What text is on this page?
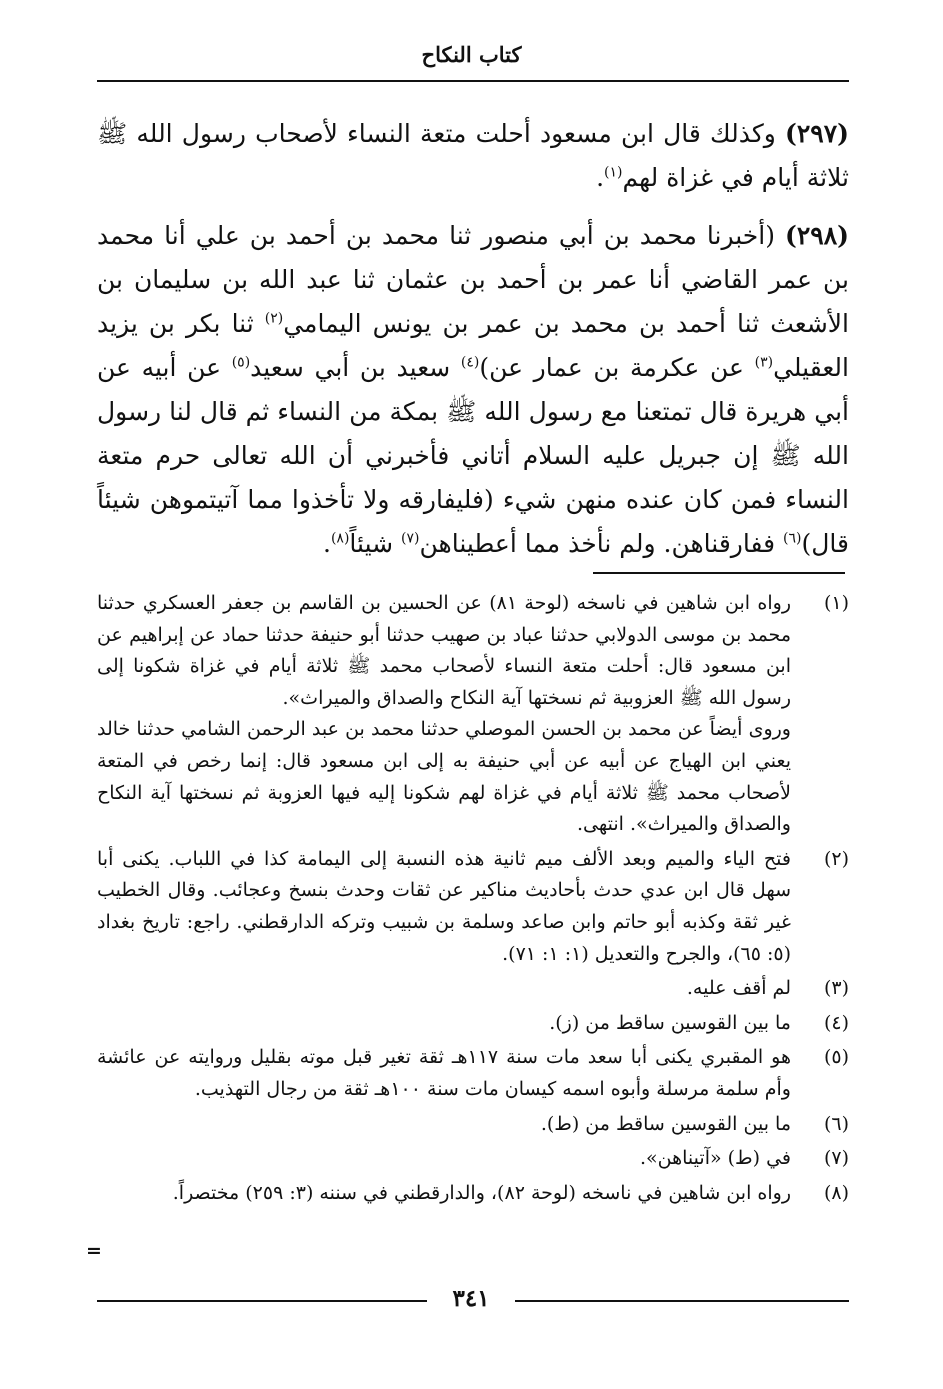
كتاب النكاح

(٢٩٧) وكذلك قال ابن مسعود أحلت متعة النساء لأصحاب رسول الله ﷺ ثلاثة أيام في غزاة لهم$^{(١)}$.

(٢٩٨) (أخبرنا محمد بن أبي منصور ثنا محمد بن أحمد بن علي أنا محمد بن عمر القاضي أنا عمر بن أحمد بن عثمان ثنا عبد الله بن سليمان بن الأشعث ثنا أحمد بن محمد بن عمر بن يونس اليمامي$^{(٢)}$ ثنا بكر بن يزيد العقيلي$^{(٣)}$ عن عكرمة بن عمار عن)$^{(٤)}$ سعيد بن أبي سعيد$^{(٥)}$ عن أبيه عن أبي هريرة قال تمتعنا مع رسول الله ﷺ بمكة من النساء ثم قال لنا رسول الله ﷺ إن جبريل عليه السلام أتاني فأخبرني أن الله تعالى حرم متعة النساء فمن كان عنده منهن شيء (فليفارقه ولا تأخذوا مما آتيتموهن شيئاً قال)$^{(٦)}$ ففارقناهن. ولم نأخذ مما أعطيناهن$^{(٧)}$ شيئاً$^{(٨)}$.

(١)

رواه ابن شاهين في ناسخه (لوحة ٨١) عن الحسين بن القاسم بن جعفر العسكري حدثنا محمد بن موسى الدولابي حدثنا عباد بن صهيب حدثنا أبو حنيفة حدثنا حماد عن إبراهيم عن ابن مسعود قال: أحلت متعة النساء لأصحاب محمد ﷺ ثلاثة أيام في غزاة شكونا إلى رسول الله ﷺ العزوبية ثم نسختها آية النكاح والصداق والميراث».

وروى أيضاً عن محمد بن الحسن الموصلي حدثنا محمد بن عبد الرحمن الشامي حدثنا خالد يعني ابن الهياج عن أبيه عن أبي حنيفة به إلى ابن مسعود قال: إنما رخص في المتعة لأصحاب محمد ﷺ ثلاثة أيام في غزاة لهم شكونا إليه فيها العزوبة ثم نسختها آية النكاح والصداق والميراث». انتهى.

(٢)

فتح الياء والميم وبعد الألف ميم ثانية هذه النسبة إلى اليمامة كذا في اللباب. يكنى أبا سهل قال ابن عدي حدث بأحاديث مناكير عن ثقات وحدث بنسخ وعجائب. وقال الخطيب غير ثقة وكذبه أبو حاتم وابن صاعد وسلمة بن شبيب وتركه الدارقطني. راجع: تاريخ بغداد (٥: ٦٥)، والجرح والتعديل (١: ١: ٧١).

(٣)

لم أقف عليه.

(٤)

ما بين القوسين ساقط من (ز).

(٥)

هو المقبري يكنى أبا سعد مات سنة ١١٧هـ ثقة تغير قبل موته بقليل وروايته عن عائشة وأم سلمة مرسلة وأبوه اسمه كيسان مات سنة ١٠٠هـ ثقة من رجال التهذيب.

(٦)

ما بين القوسين ساقط من (ط).

(٧)

في (ط) «آتيناهن».

(٨)

رواه ابن شاهين في ناسخه (لوحة ٨٢)، والدارقطني في سننه (٣: ٢٥٩) مختصراً.

=
٣٤١
